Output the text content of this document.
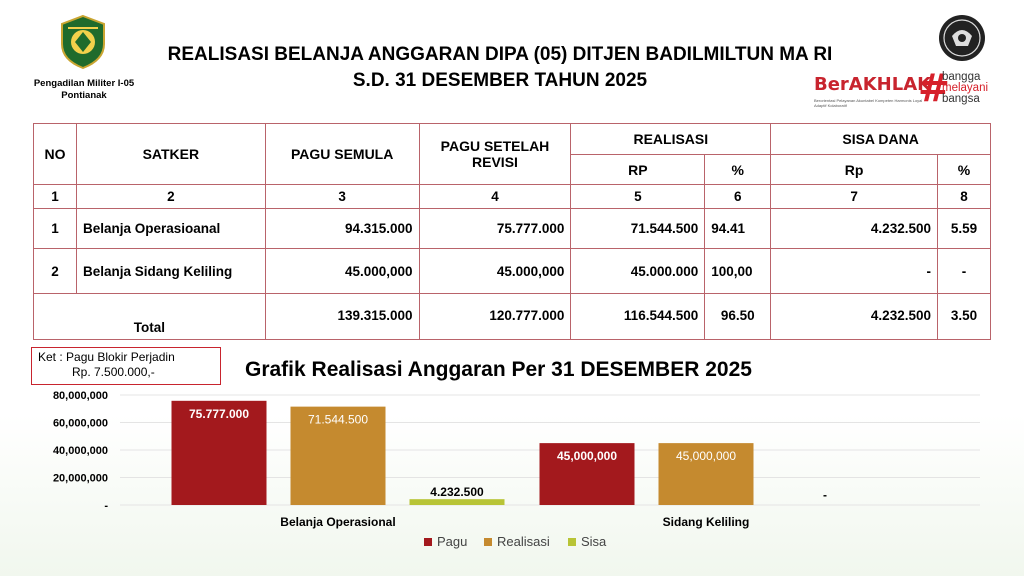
Pengadilan Militer I-05
Pontianak
REALISASI BELANJA ANGGARAN DIPA (05) DITJEN BADILMILTUN MA RI
S.D. 31 DESEMBER TAHUN 2025	BerAKHLAK
Berorientasi Pelayanan Akuntabel Kompeten Harmonis Loyal Adaptif Kolaboratif	#
bangga
melayani
bangsa
NO	SATKER	PAGU SEMULA	PAGU SETELAH REVISI	REALISASI		SISA DANA	
				RP	%	Rp	%
1	2	3	4	5	6	7	8
1	Belanja Operasioanal	94.315.000	75.777.000	71.544.500	94.41	4.232.500	5.59
2	Belanja Sidang Keliling	45.000,000	45.000,000	45.000.000	100,00	-	-
Total		139.315.000	120.777.000	116.544.500	96.50	4.232.500	3.50
Ket : Pagu Blokir Perjadin
Rp. 7.500.000,-	Grafik Realisasi Anggaran Per 31 DESEMBER 2025
-
20,000,000
40,000,000
60,000,000
80,000,000
75.777.000	71.544.500
4.232.500
Belanja Operasional
45,000,000	45,000,000
-
Sidang Keliling
Pagu Realisasi Sisa
